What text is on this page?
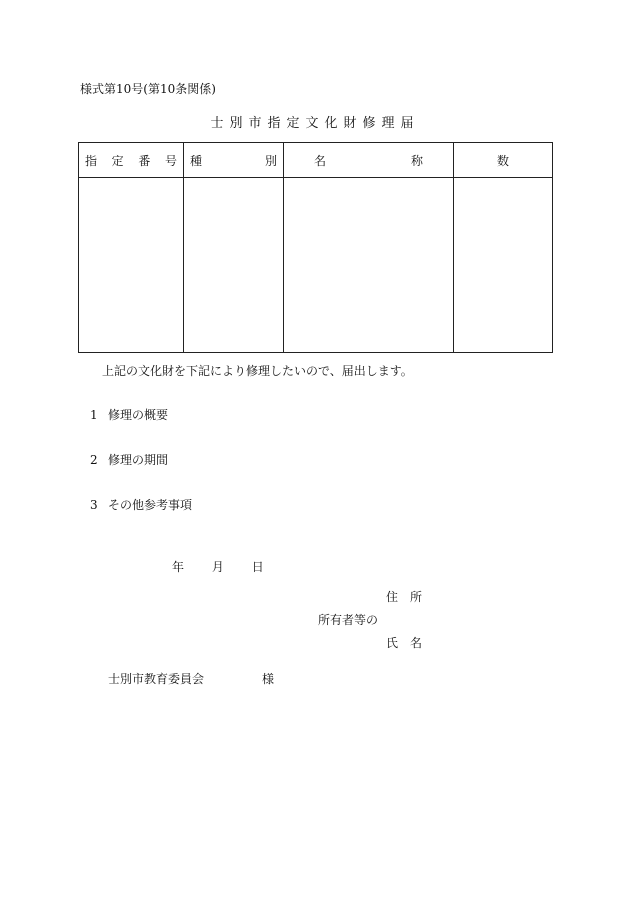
様式第10号(第10条関係)
士別市指定文化財修理届
指 定 番 号	種 別	名 称	数

上記の文化財を下記により修理したいので、届出します。
1 修理の概要
2 修理の期間
3 その他参考事項
年 月 日
住　所
所有者等の
氏　名
士別市教育委員会	様
